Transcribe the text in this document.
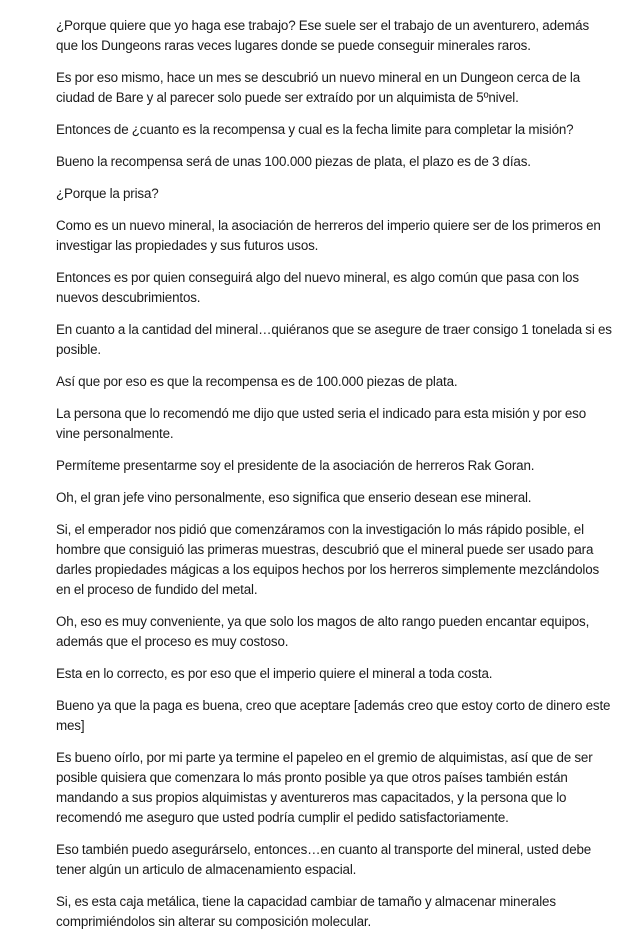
¿Porque quiere que yo haga ese trabajo? Ese suele ser el trabajo de un aventurero, además que los Dungeons raras veces lugares donde se puede conseguir minerales raros.

Es por eso mismo, hace un mes se descubrió un nuevo mineral en un Dungeon cerca de la ciudad de Bare y al parecer solo puede ser extraído por un alquimista de 5ºnivel.

Entonces de ¿cuanto es la recompensa y cual es la fecha limite para completar la misión?

Bueno la recompensa será de unas 100.000 piezas de plata, el plazo es de 3 días.

¿Porque la prisa?

Como es un nuevo mineral, la asociación de herreros del imperio quiere ser de los primeros en investigar las propiedades y sus futuros usos.

Entonces es por quien conseguirá algo del nuevo mineral, es algo común que pasa con los nuevos descubrimientos.

En cuanto a la cantidad del mineral…quiéranos que se asegure de traer consigo 1 tonelada si es posible.

Así que por eso es que la recompensa es de 100.000 piezas de plata.

La persona que lo recomendó me dijo que usted seria el indicado para esta misión y por eso vine personalmente.

Permíteme presentarme soy el presidente de la asociación de herreros Rak Goran.

Oh, el gran jefe vino personalmente, eso significa que enserio desean ese mineral.

Si, el emperador nos pidió que comenzáramos con la investigación lo más rápido posible, el hombre que consiguió las primeras muestras, descubrió que el mineral puede ser usado para darles propiedades mágicas a los equipos hechos por los herreros simplemente mezclándolos en el proceso de fundido del metal.

Oh, eso es muy conveniente, ya que solo los magos de alto rango pueden encantar equipos, además que el proceso es muy costoso.

Esta en lo correcto, es por eso que el imperio quiere el mineral a toda costa.

Bueno ya que la paga es buena, creo que aceptare [además creo que estoy corto de dinero este mes]

Es bueno oírlo, por mi parte ya termine el papeleo en el gremio de alquimistas, así que de ser posible quisiera que comenzara lo más pronto posible ya que otros países también están mandando a sus propios alquimistas y aventureros mas capacitados, y la persona que lo recomendó me aseguro que usted podría cumplir el pedido satisfactoriamente.

Eso también puedo asegurárselo, entonces…en cuanto al transporte del mineral, usted debe tener algún un articulo de almacenamiento espacial.

Si, es esta caja metálica, tiene la capacidad cambiar de tamaño y almacenar minerales comprimiéndolos sin alterar su composición molecular.
